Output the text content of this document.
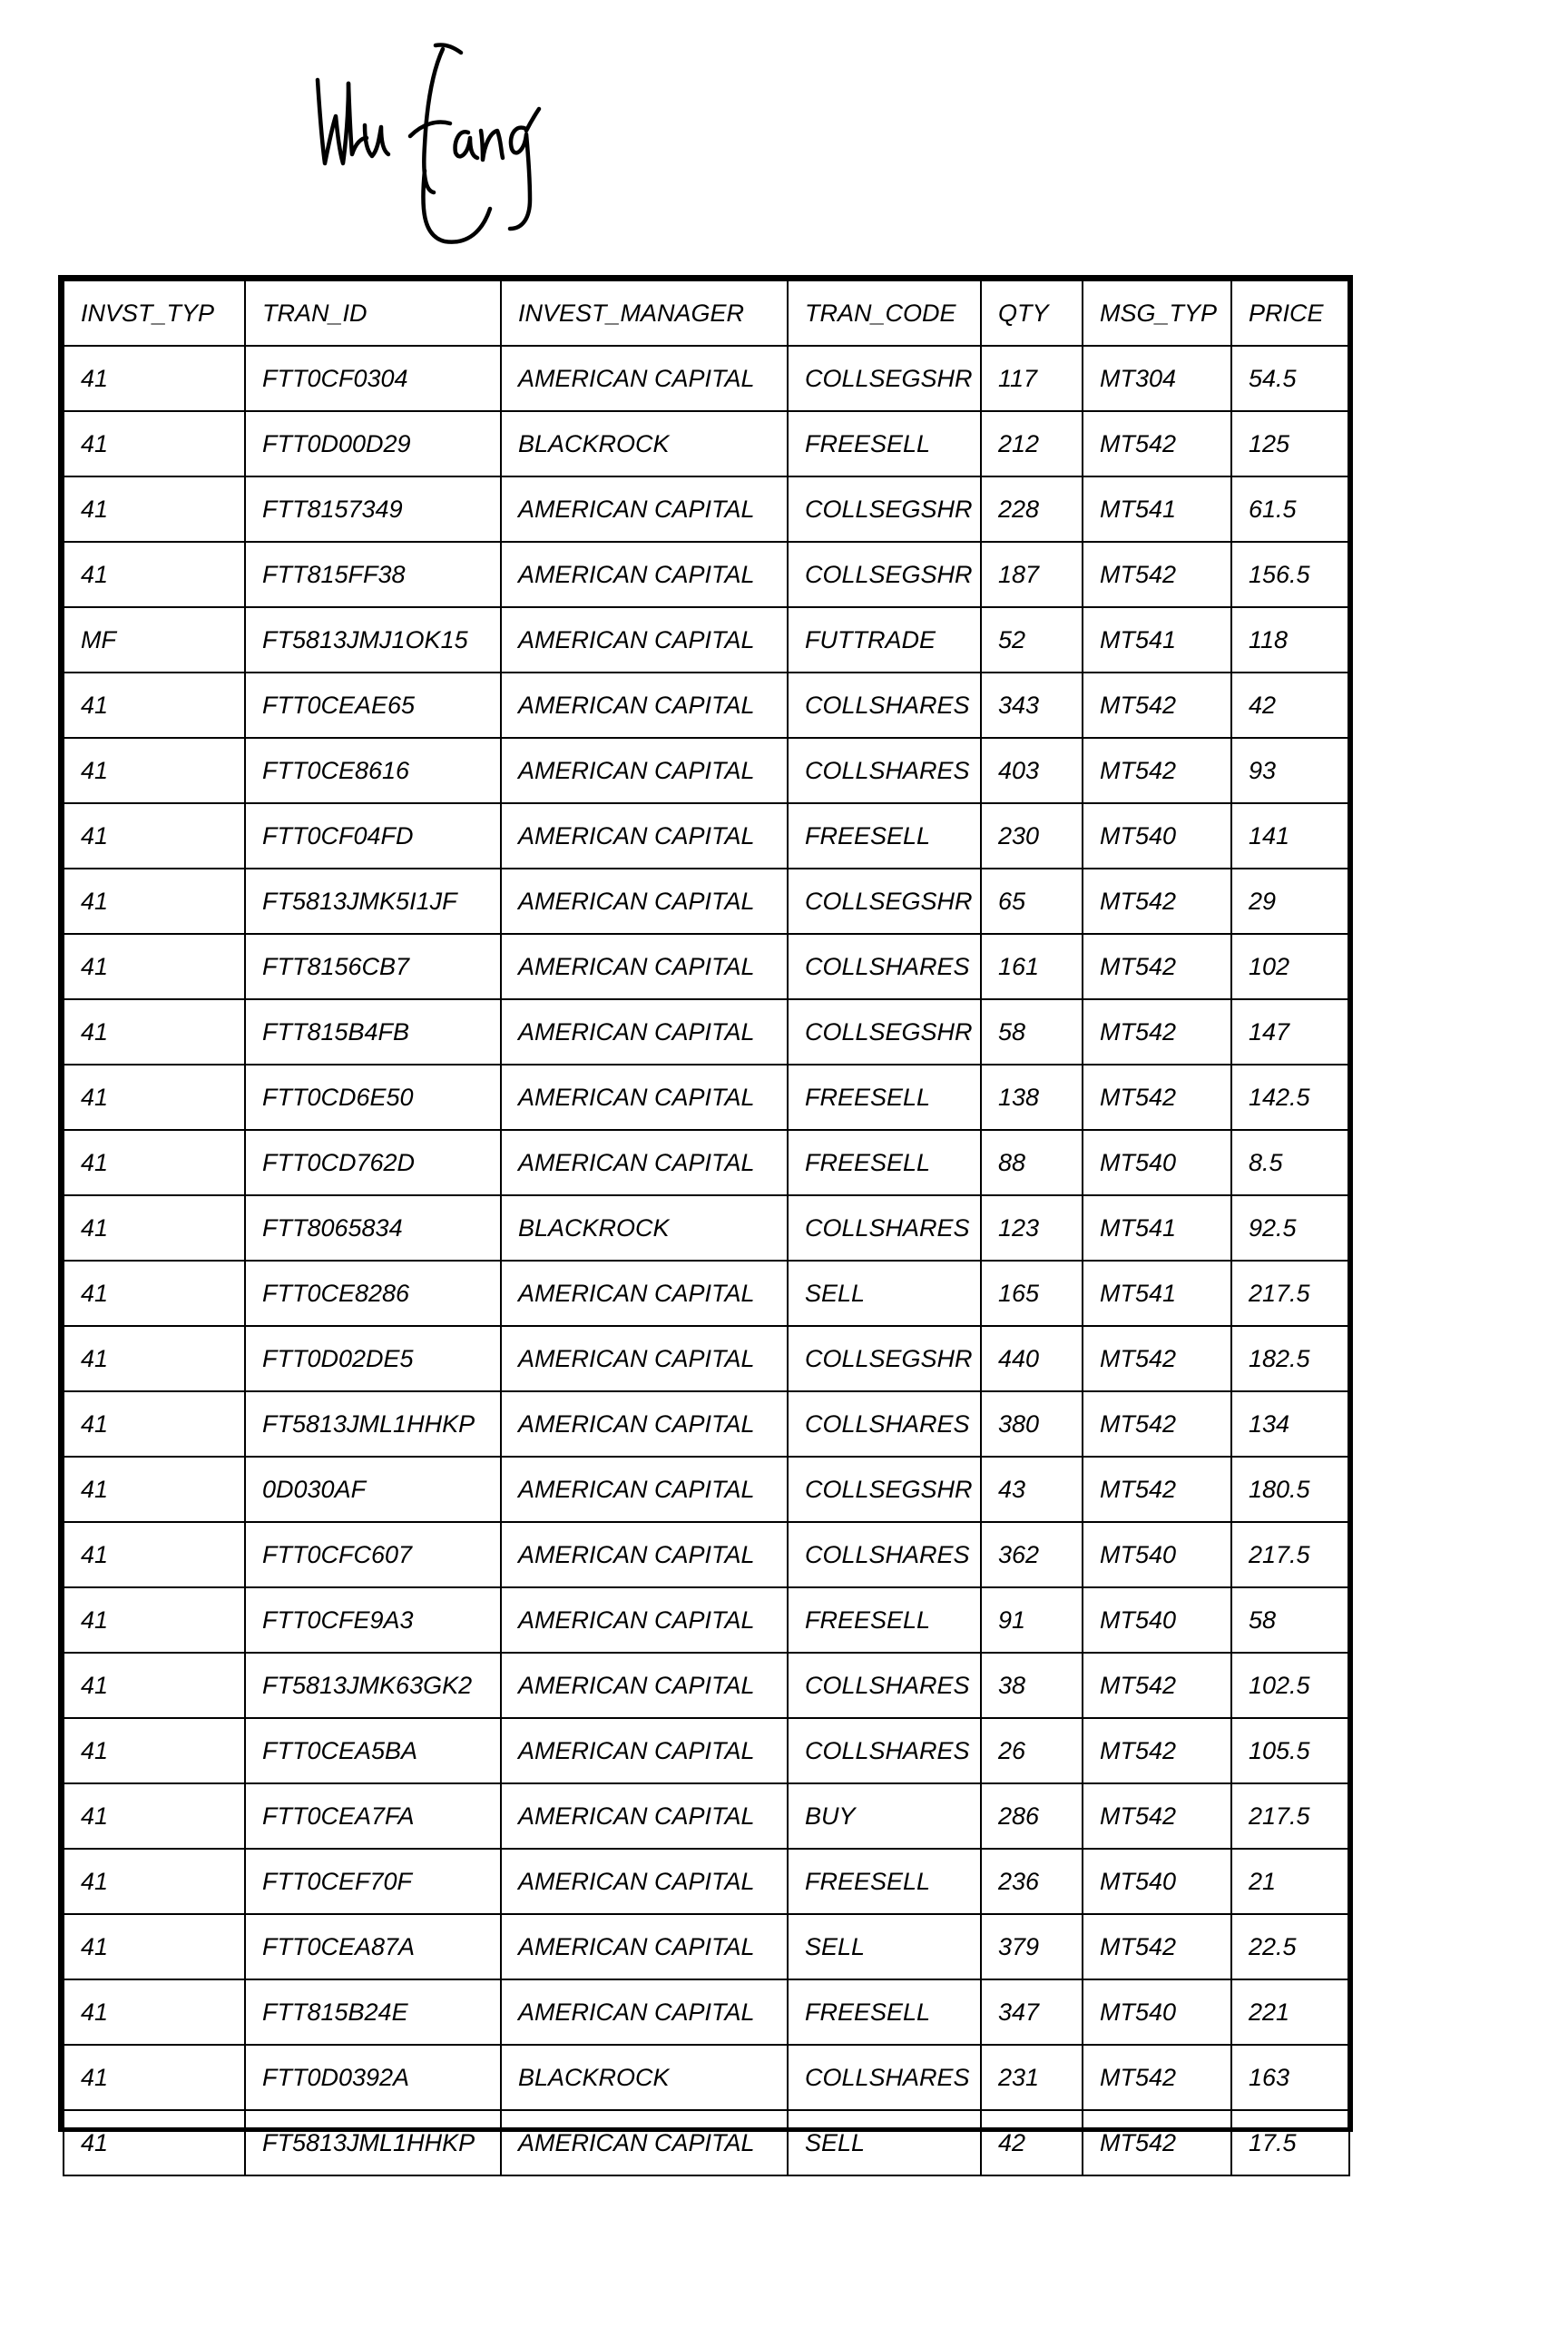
INVST_TYP	TRAN_ID	INVEST_MANAGER	TRAN_CODE	QTY	MSG_TYP	PRICE
41	FTT0CF0304	AMERICAN CAPITAL	COLLSEGSHR	117	MT304	54.5
41	FTT0D00D29	BLACKROCK	FREESELL	212	MT542	125
41	FTT8157349	AMERICAN CAPITAL	COLLSEGSHR	228	MT541	61.5
41	FTT815FF38	AMERICAN CAPITAL	COLLSEGSHR	187	MT542	156.5
MF	FT5813JMJ1OK15	AMERICAN CAPITAL	FUTTRADE	52	MT541	118
41	FTT0CEAE65	AMERICAN CAPITAL	COLLSHARES	343	MT542	42
41	FTT0CE8616	AMERICAN CAPITAL	COLLSHARES	403	MT542	93
41	FTT0CF04FD	AMERICAN CAPITAL	FREESELL	230	MT540	141
41	FT5813JMK5I1JF	AMERICAN CAPITAL	COLLSEGSHR	65	MT542	29
41	FTT8156CB7	AMERICAN CAPITAL	COLLSHARES	161	MT542	102
41	FTT815B4FB	AMERICAN CAPITAL	COLLSEGSHR	58	MT542	147
41	FTT0CD6E50	AMERICAN CAPITAL	FREESELL	138	MT542	142.5
41	FTT0CD762D	AMERICAN CAPITAL	FREESELL	88	MT540	8.5
41	FTT8065834	BLACKROCK	COLLSHARES	123	MT541	92.5
41	FTT0CE8286	AMERICAN CAPITAL	SELL	165	MT541	217.5
41	FTT0D02DE5	AMERICAN CAPITAL	COLLSEGSHR	440	MT542	182.5
41	FT5813JML1HHKP	AMERICAN CAPITAL	COLLSHARES	380	MT542	134
41	0D030AF	AMERICAN CAPITAL	COLLSEGSHR	43	MT542	180.5
41	FTT0CFC607	AMERICAN CAPITAL	COLLSHARES	362	MT540	217.5
41	FTT0CFE9A3	AMERICAN CAPITAL	FREESELL	91	MT540	58
41	FT5813JMK63GK2	AMERICAN CAPITAL	COLLSHARES	38	MT542	102.5
41	FTT0CEA5BA	AMERICAN CAPITAL	COLLSHARES	26	MT542	105.5
41	FTT0CEA7FA	AMERICAN CAPITAL	BUY	286	MT542	217.5
41	FTT0CEF70F	AMERICAN CAPITAL	FREESELL	236	MT540	21
41	FTT0CEA87A	AMERICAN CAPITAL	SELL	379	MT542	22.5
41	FTT815B24E	AMERICAN CAPITAL	FREESELL	347	MT540	221
41	FTT0D0392A	BLACKROCK	COLLSHARES	231	MT542	163
41	FT5813JML1HHKP	AMERICAN CAPITAL	SELL	42	MT542	17.5
